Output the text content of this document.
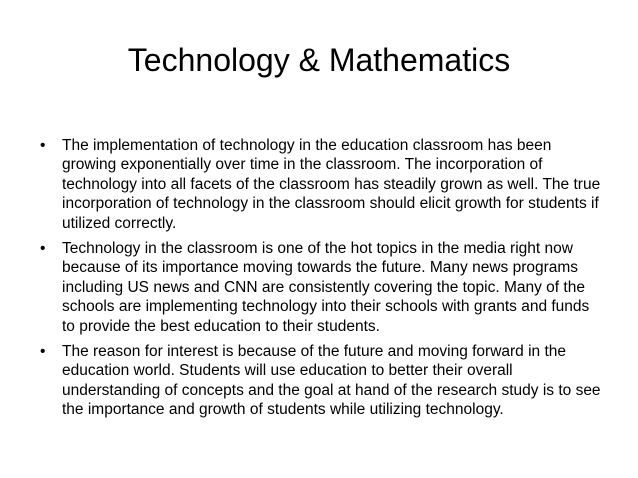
Technology & Mathematics
•	The implementation of technology in the education classroom has been growing exponentially over time in the classroom. The incorporation of technology into all facets of the classroom has steadily grown as well. The true incorporation of technology in the classroom should elicit growth for students if utilized correctly.
•	Technology in the classroom is one of the hot topics in the media right now because of its importance moving towards the future. Many news programs including US news and CNN are consistently covering the topic. Many of the schools are implementing technology into their schools with grants and funds to provide the best education to their students.
•	The reason for interest is because of the future and moving forward in the education world. Students will use education to better their overall understanding of concepts and the goal at hand of the research study is to see the importance and growth of students while utilizing technology.
